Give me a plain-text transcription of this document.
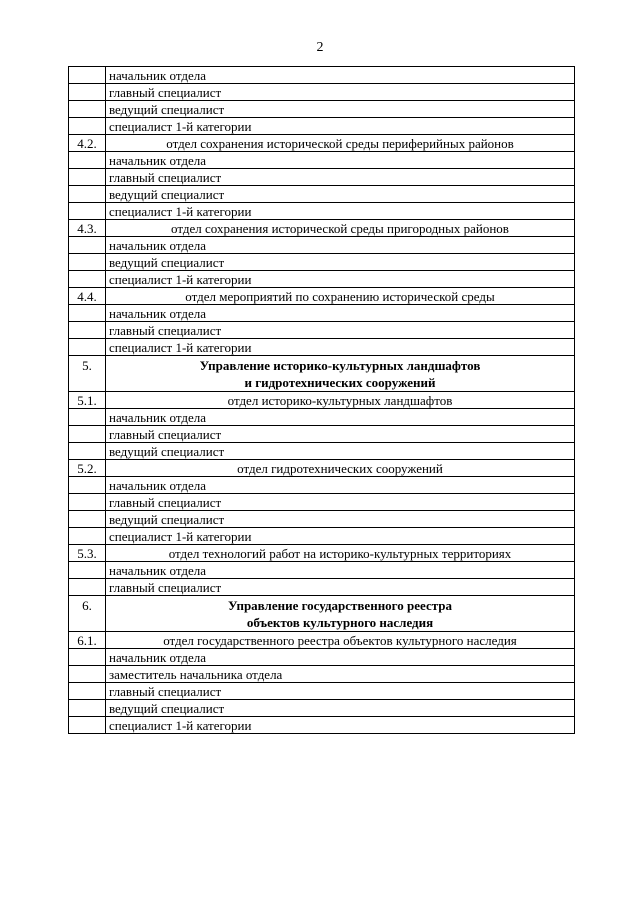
2
	начальник отдела
	главный специалист
	ведущий специалист
	специалист 1-й категории
4.2.	отдел сохранения исторической среды периферийных районов
	начальник отдела
	главный специалист
	ведущий специалист
	специалист 1-й категории
4.3.	отдел сохранения исторической среды пригородных районов
	начальник отдела
	ведущий специалист
	специалист 1-й категории
4.4.	отдел мероприятий по сохранению исторической среды
	начальник отдела
	главный специалист
	специалист 1-й категории
5.	Управление историко-культурных ландшафтов
и гидротехнических сооружений

5.1.	отдел историко-культурных ландшафтов
	начальник отдела
	главный специалист
	ведущий специалист
5.2.	отдел гидротехнических сооружений
	начальник отдела
	главный специалист
	ведущий специалист
	специалист 1-й категории
5.3.	отдел технологий работ на историко-культурных территориях
	начальник отдела
	главный специалист
6.	Управление государственного реестра
объектов культурного наследия

6.1.	отдел государственного реестра объектов культурного наследия
	начальник отдела
	заместитель начальника отдела
	главный специалист
	ведущий специалист
	специалист 1-й категории
